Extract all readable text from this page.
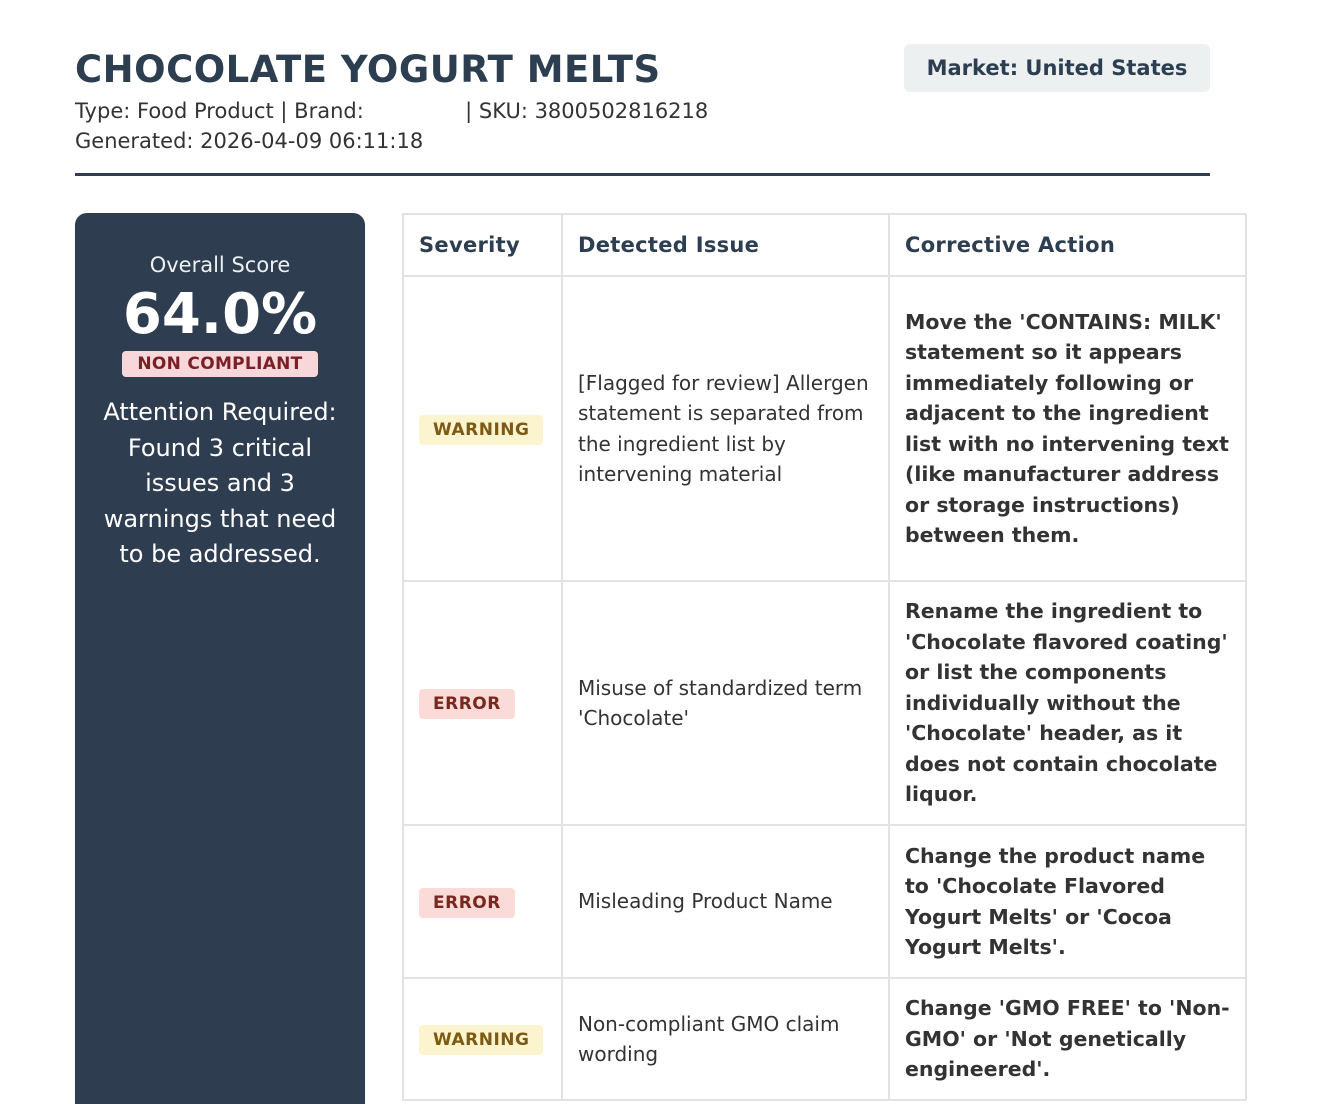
CHOCOLATE YOGURT MELTS
Type: Food Product | Brand:	| SKU: 3800502816218
Generated: 2026-04-09 06:11:18
Market: United States
Overall Score
64.0%
NON COMPLIANT
Attention Required: Found 3 critical issues and 3 warnings that need to be addressed.
Severity	Detected Issue	Corrective Action
WARNING	[Flagged for review] Allergen statement is separated from the ingredient list by intervening material	Move the 'CONTAINS: MILK' statement so it appears immediately following or adjacent to the ingredient list with no intervening text (like manufacturer address or storage instructions) between them.
ERROR	Misuse of standardized term 'Chocolate'	Rename the ingredient to 'Chocolate flavored coating' or list the components individually without the 'Chocolate' header, as it does not contain chocolate liquor.
ERROR	Misleading Product Name	Change the product name to 'Chocolate Flavored Yogurt Melts' or 'Cocoa Yogurt Melts'.
WARNING	Non-compliant GMO claim wording	Change 'GMO FREE' to 'Non-GMO' or 'Not genetically engineered'.
